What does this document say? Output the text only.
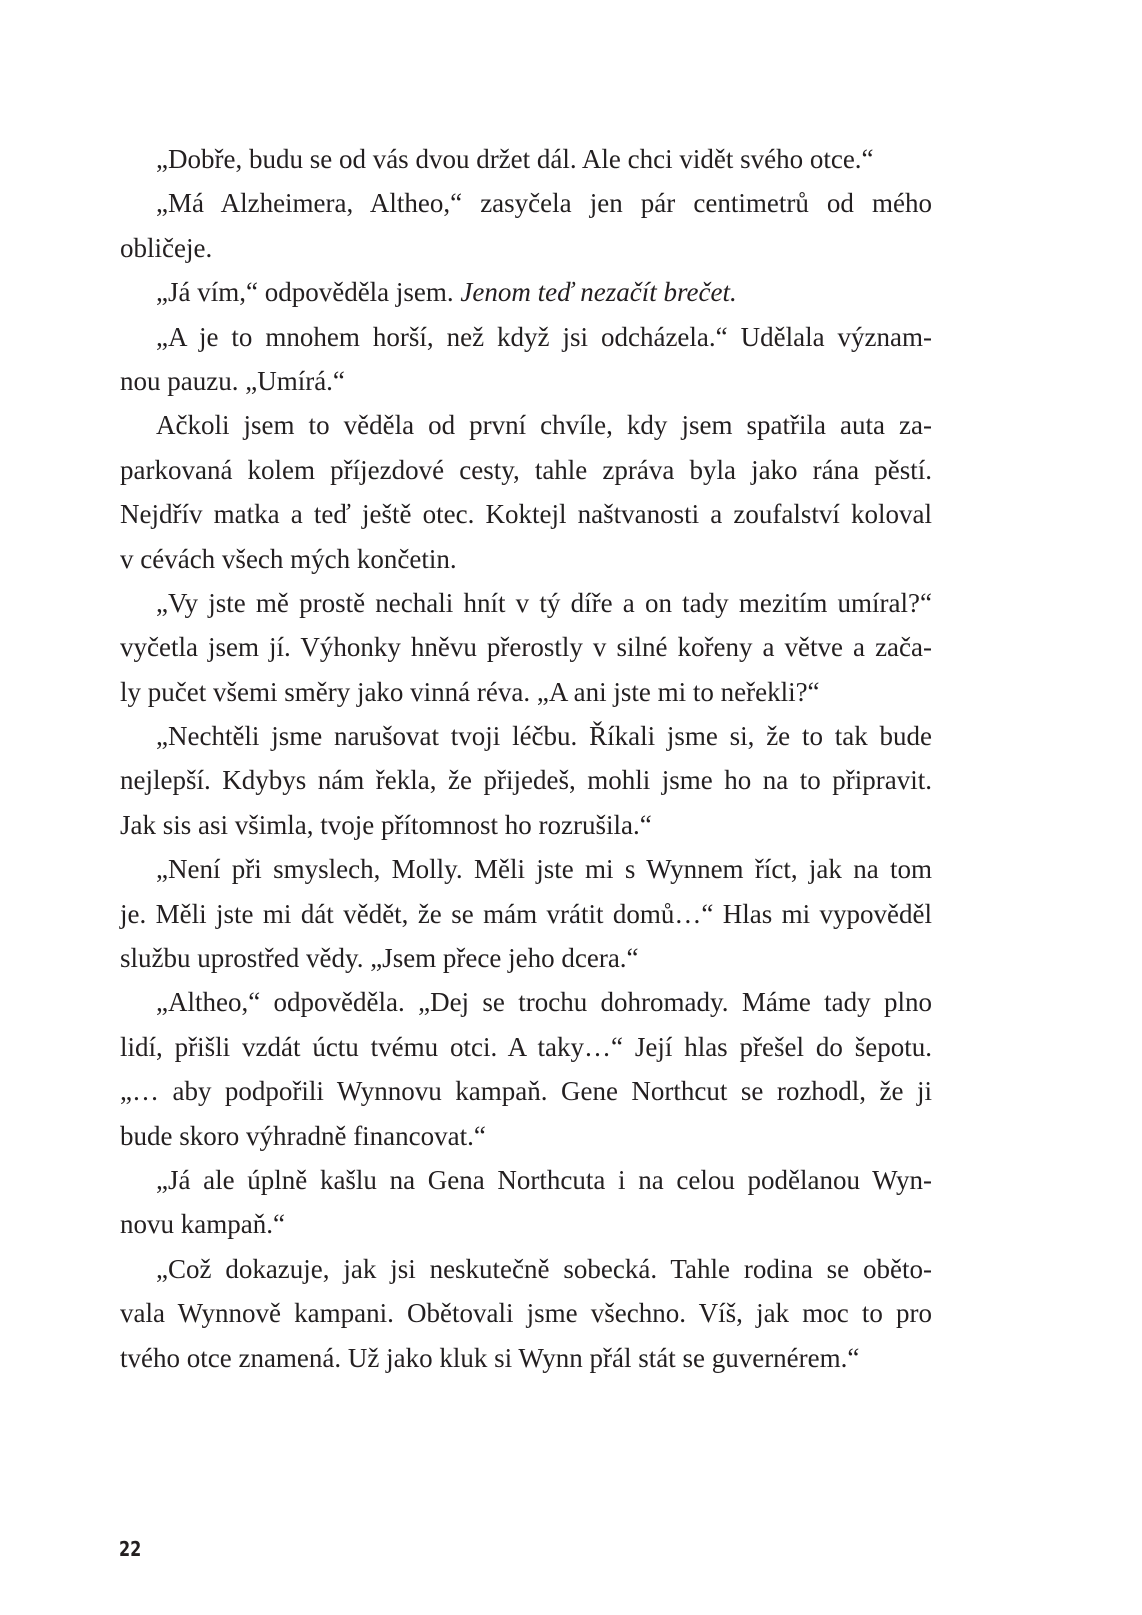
„Dobře, budu se od vás dvou držet dál. Ale chci vidět svého otce.“
„Má Alzheimera, Altheo,“ zasyčela jen pár centimetrů od mého
obličeje.
„Já vím,“ odpověděla jsem. Jenom teď nezačít brečet.
„A je to mnohem horší, než když jsi odcházela.“ Udělala význam-
nou pauzu. „Umírá.“
Ačkoli jsem to věděla od první chvíle, kdy jsem spatřila auta za-
parkovaná kolem příjezdové cesty, tahle zpráva byla jako rána pěstí.
Nejdřív matka a teď ještě otec. Koktejl naštvanosti a zoufalství koloval
v cévách všech mých končetin.
„Vy jste mě prostě nechali hnít v tý díře a on tady mezitím umíral?“
vyčetla jsem jí. Výhonky hněvu přerostly v silné kořeny a větve a zača-
ly pučet všemi směry jako vinná réva. „A ani jste mi to neřekli?“
„Nechtěli jsme narušovat tvoji léčbu. Říkali jsme si, že to tak bude
nejlepší. Kdybys nám řekla, že přijedeš, mohli jsme ho na to připravit.
Jak sis asi všimla, tvoje přítomnost ho rozrušila.“
„Není při smyslech, Molly. Měli jste mi s Wynnem říct, jak na tom
je. Měli jste mi dát vědět, že se mám vrátit domů…“ Hlas mi vypověděl
službu uprostřed vědy. „Jsem přece jeho dcera.“
„Altheo,“ odpověděla. „Dej se trochu dohromady. Máme tady plno
lidí, přišli vzdát úctu tvému otci. A taky…“ Její hlas přešel do šepotu.
„… aby podpořili Wynnovu kampaň. Gene Northcut se rozhodl, že ji
bude skoro výhradně financovat.“
„Já ale úplně kašlu na Gena Northcuta i na celou podělanou Wyn-
novu kampaň.“
„Což dokazuje, jak jsi neskutečně sobecká. Tahle rodina se oběto-
vala Wynnově kampani. Obětovali jsme všechno. Víš, jak moc to pro
tvého otce znamená. Už jako kluk si Wynn přál stát se guvernérem.“
22
